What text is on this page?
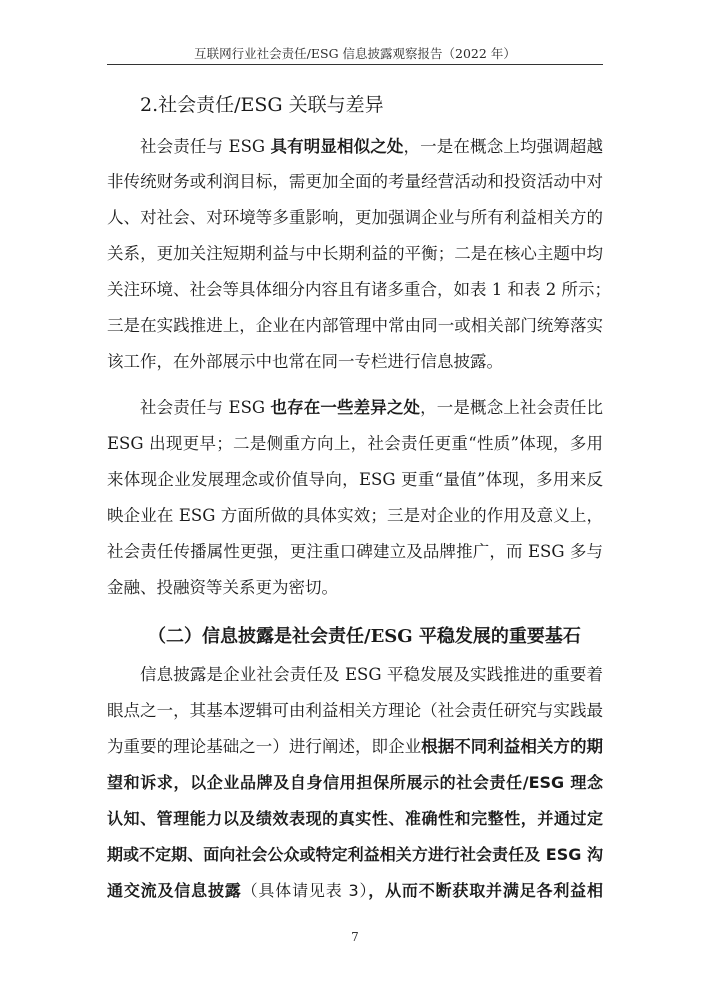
互联网行业社会责任/ESG 信息披露观察报告（2022 年）
2.社会责任/ESG 关联与差异
社会责任与 ESG 具有明显相似之处，一是在概念上均强调超越
非传统财务或利润目标，需更加全面的考量经营活动和投资活动中对
人、对社会、对环境等多重影响，更加强调企业与所有利益相关方的
关系，更加关注短期利益与中长期利益的平衡；二是在核心主题中均
关注环境、社会等具体细分内容且有诸多重合，如表 1 和表 2 所示；
三是在实践推进上，企业在内部管理中常由同一或相关部门统筹落实
该工作，在外部展示中也常在同一专栏进行信息披露。
社会责任与 ESG 也存在一些差异之处，一是概念上社会责任比
ESG 出现更早；二是侧重方向上，社会责任更重“性质”体现，多用
来体现企业发展理念或价值导向，ESG 更重“量值”体现，多用来反
映企业在 ESG 方面所做的具体实效；三是对企业的作用及意义上，
社会责任传播属性更强，更注重口碑建立及品牌推广，而 ESG 多与
金融、投融资等关系更为密切。
（二）信息披露是社会责任/ESG 平稳发展的重要基石
信息披露是企业社会责任及 ESG 平稳发展及实践推进的重要着
眼点之一，其基本逻辑可由利益相关方理论（社会责任研究与实践最
为重要的理论基础之一）进行阐述，即企业根据不同利益相关方的期
望和诉求，以企业品牌及自身信用担保所展示的社会责任/ESG 理念
认知、管理能力以及绩效表现的真实性、准确性和完整性，并通过定
期或不定期、面向社会公众或特定利益相关方进行社会责任及 ESG 沟
通交流及信息披露（具体请见表 3），从而不断获取并满足各利益相
7
